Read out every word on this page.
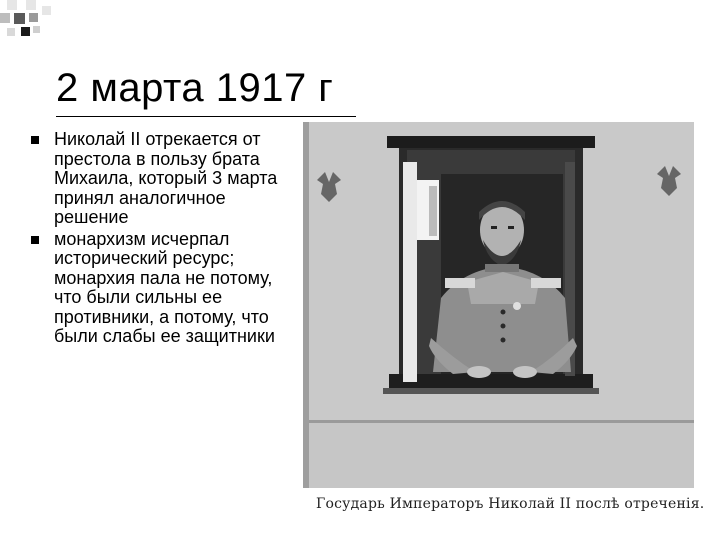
2 марта 1917 г
Николай II отрекается от престола в пользу брата Михаила, который 3 марта принял аналогичное решение
монархизм исчерпал исторический ресурс; монархия пала не потому, что были сильны ее противники, а потому, что были слабы ее защитники
Государь Императоръ Николай II послѣ отреченія.
